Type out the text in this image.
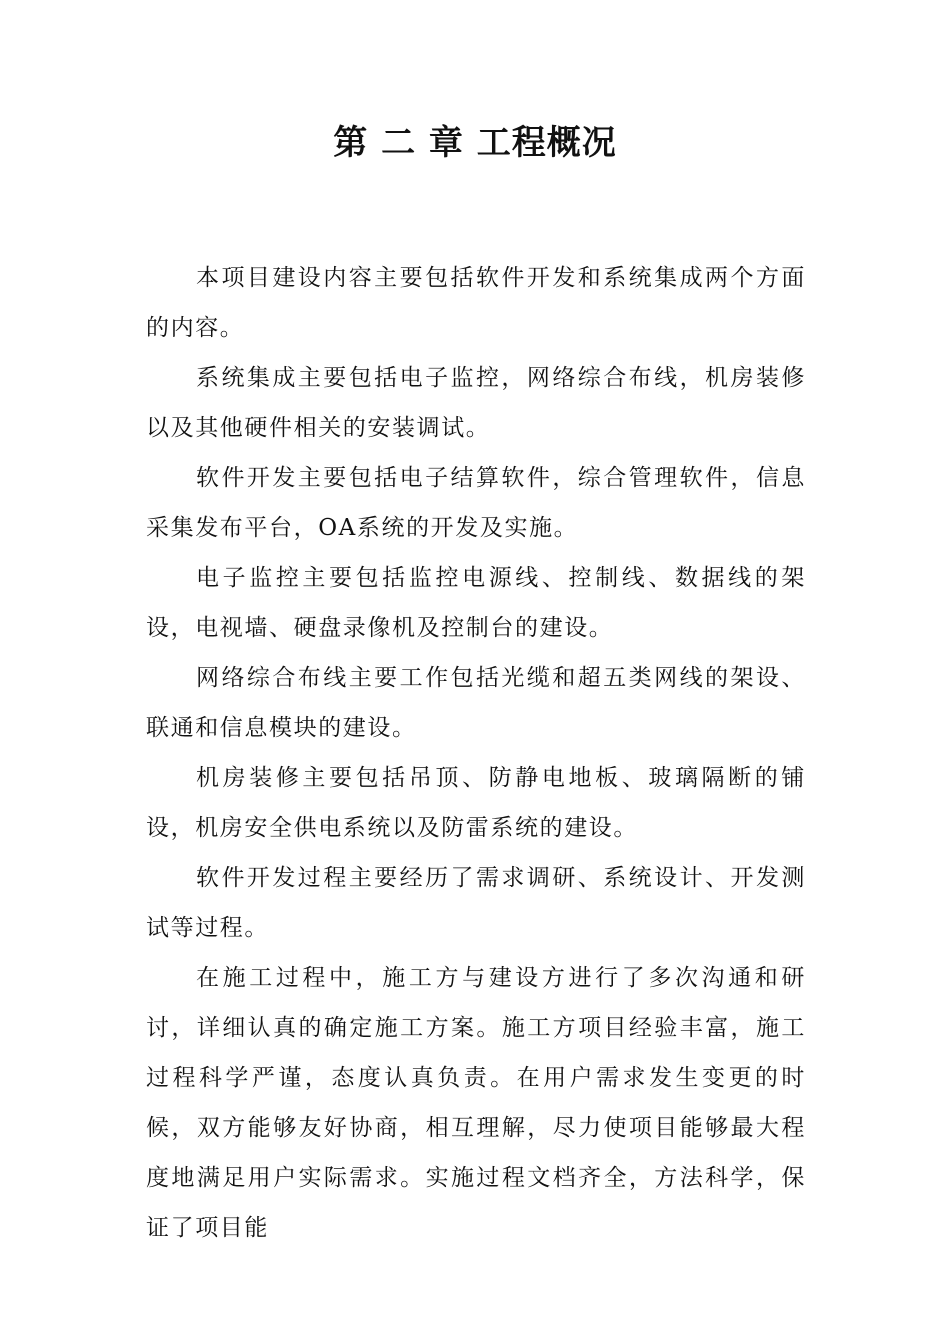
第 二 章 工程概况

本项目建设内容主要包括软件开发和系统集成两个方面的内容。

系统集成主要包括电子监控，网络综合布线，机房装修以及其他硬件相关的安装调试。

软件开发主要包括电子结算软件，综合管理软件，信息采集发布平台，OA系统的开发及实施。

电子监控主要包括监控电源线、控制线、数据线的架设，电视墙、硬盘录像机及控制台的建设。

网络综合布线主要工作包括光缆和超五类网线的架设、联通和信息模块的建设。

机房装修主要包括吊顶、防静电地板、玻璃隔断的铺设，机房安全供电系统以及防雷系统的建设。

软件开发过程主要经历了需求调研、系统设计、开发测试等过程。

在施工过程中，施工方与建设方进行了多次沟通和研讨，详细认真的确定施工方案。施工方项目经验丰富，施工过程科学严谨，态度认真负责。在用户需求发生变更的时候，双方能够友好协商，相互理解，尽力使项目能够最大程度地满足用户实际需求。实施过程文档齐全，方法科学，保证了项目能
